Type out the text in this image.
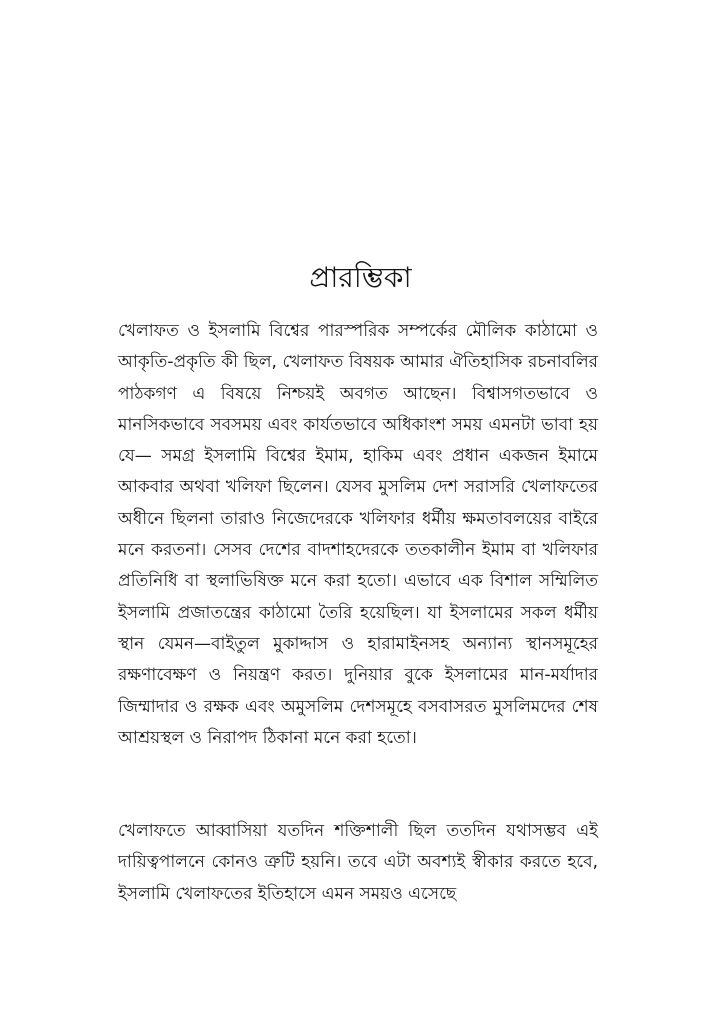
প্রারম্ভিকা

খেলাফত ও ইসলামি বিশ্বের পারস্পরিক সম্পর্কের মৌলিক কাঠামো ও আকৃতি-প্রকৃতি কী ছিল, খেলাফত বিষয়ক আমার ঐতিহাসিক রচনাবলির পাঠকগণ এ বিষয়ে নিশ্চয়ই অবগত আছেন। বিশ্বাসগতভাবে ও মানসিকভাবে সবসময় এবং কার্যতভাবে অধিকাংশ সময় এমনটা ভাবা হয় যে— সমগ্র ইসলামি বিশ্বের ইমাম, হাকিম এবং প্রধান একজন ইমামে আকবার অথবা খলিফা ছিলেন। যেসব মুসলিম দেশ সরাসরি খেলাফতের অধীনে ছিলনা তারাও নিজেদেরকে খলিফার ধর্মীয় ক্ষমতাবলয়ের বাইরে মনে করতনা। সেসব দেশের বাদশাহদেরকে ততকালীন ইমাম বা খলিফার প্রতিনিধি বা স্থলাভিষিক্ত মনে করা হতো। এভাবে এক বিশাল সম্মিলিত ইসলামি প্রজাতন্ত্রের কাঠামো তৈরি হয়েছিল। যা ইসলামের সকল ধর্মীয় স্থান যেমন—বাইতুল মুকাদ্দাস ও হারামাইনসহ অন্যান্য স্থানসমূহের রক্ষণাবেক্ষণ ও নিয়ন্ত্রণ করত। দুনিয়ার বুকে ইসলামের মান-মর্যাদার জিম্মাদার ও রক্ষক এবং অমুসলিম দেশসমূহে বসবাসরত মুসলিমদের শেষ আশ্রয়স্থল ও নিরাপদ ঠিকানা মনে করা হতো।

খেলাফতে আব্বাসিয়া যতদিন শক্তিশালী ছিল ততদিন যথাসম্ভব এই দায়িত্বপালনে কোনও ত্রুটি হয়নি। তবে এটা অবশ্যই স্বীকার করতে হবে, ইসলামি খেলাফতের ইতিহাসে এমন সময়ও এসেছে
